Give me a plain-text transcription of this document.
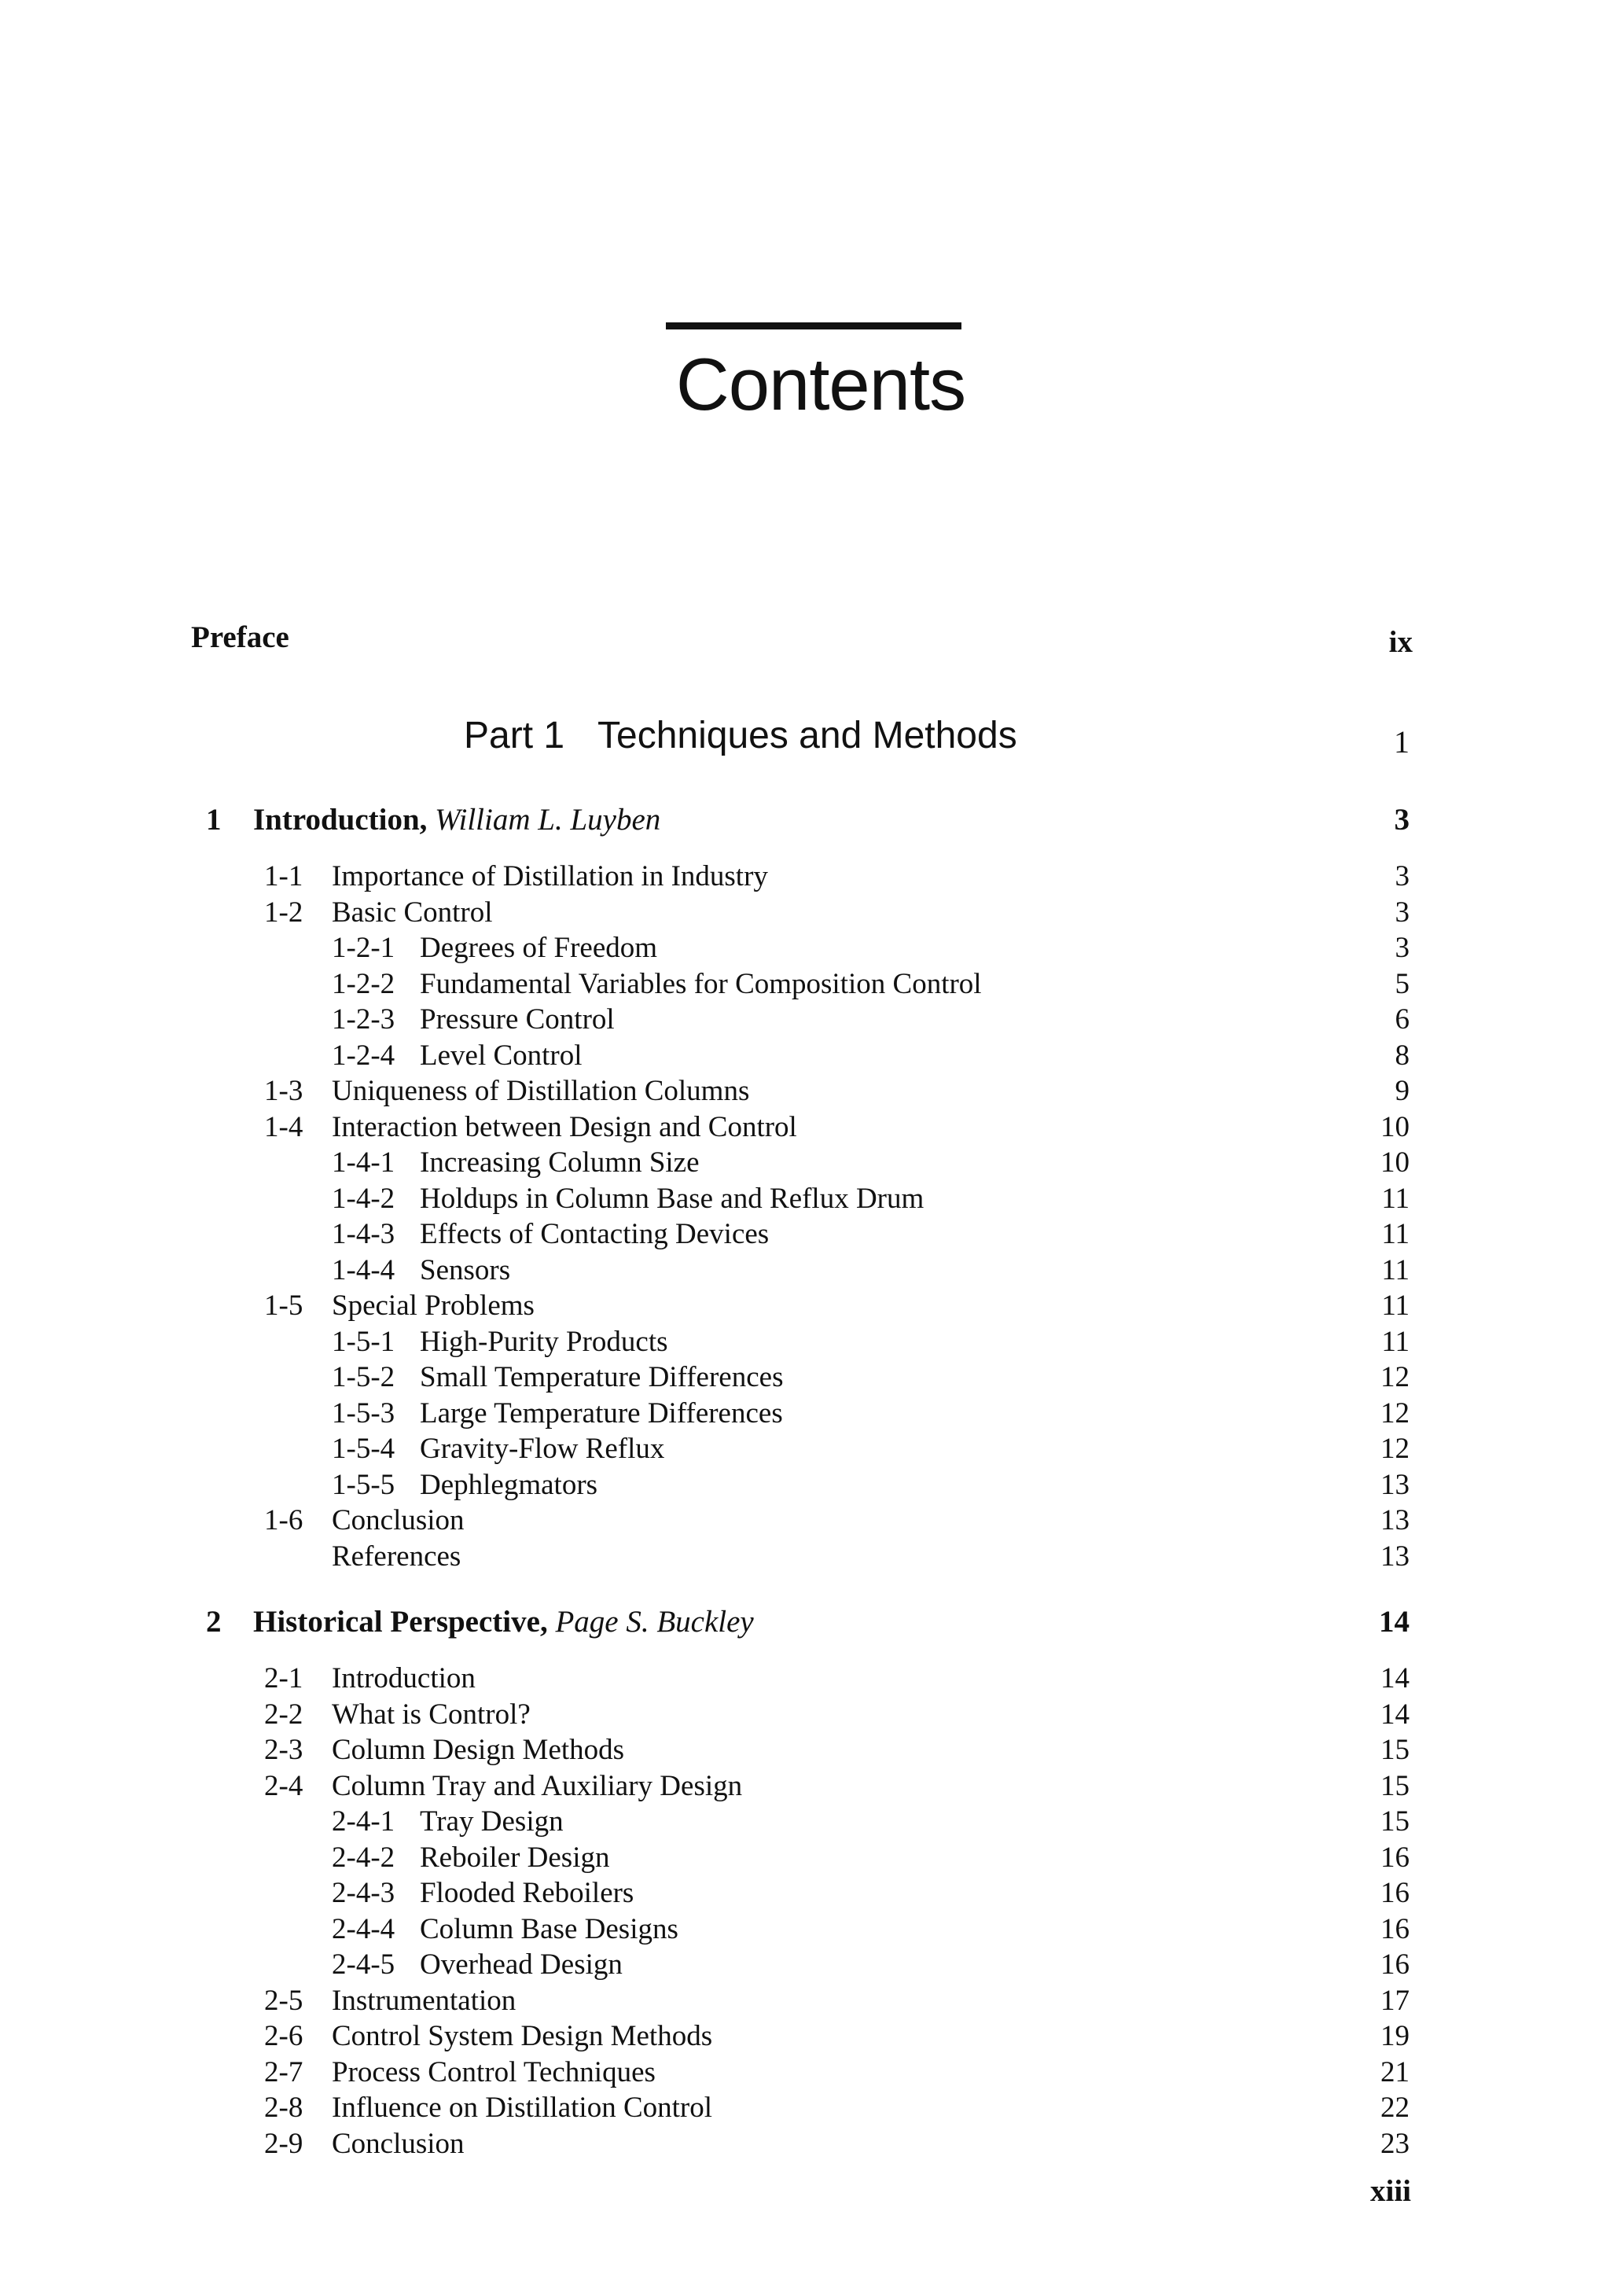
Contents
Preface	ix
Part 1 Techniques and Methods	1
1 Introduction, William L. Luyben	3
1-1 Importance of Distillation in Industry	3
1-2 Basic Control	3
1-2-1 Degrees of Freedom	3
1-2-2 Fundamental Variables for Composition Control	5
1-2-3 Pressure Control	6
1-2-4 Level Control	8
1-3 Uniqueness of Distillation Columns	9
1-4 Interaction between Design and Control	10
1-4-1 Increasing Column Size	10
1-4-2 Holdups in Column Base and Reflux Drum	11
1-4-3 Effects of Contacting Devices	11
1-4-4 Sensors	11
1-5 Special Problems	11
1-5-1 High-Purity Products	11
1-5-2 Small Temperature Differences	12
1-5-3 Large Temperature Differences	12
1-5-4 Gravity-Flow Reflux	12
1-5-5 Dephlegmators	13
1-6 Conclusion	13
References	13
2 Historical Perspective, Page S. Buckley	14
2-1 Introduction	14
2-2 What is Control?	14
2-3 Column Design Methods	15
2-4 Column Tray and Auxiliary Design	15
2-4-1 Tray Design	15
2-4-2 Reboiler Design	16
2-4-3 Flooded Reboilers	16
2-4-4 Column Base Designs	16
2-4-5 Overhead Design	16
2-5 Instrumentation	17
2-6 Control System Design Methods	19
2-7 Process Control Techniques	21
2-8 Influence on Distillation Control	22
2-9 Conclusion	23
xiii
